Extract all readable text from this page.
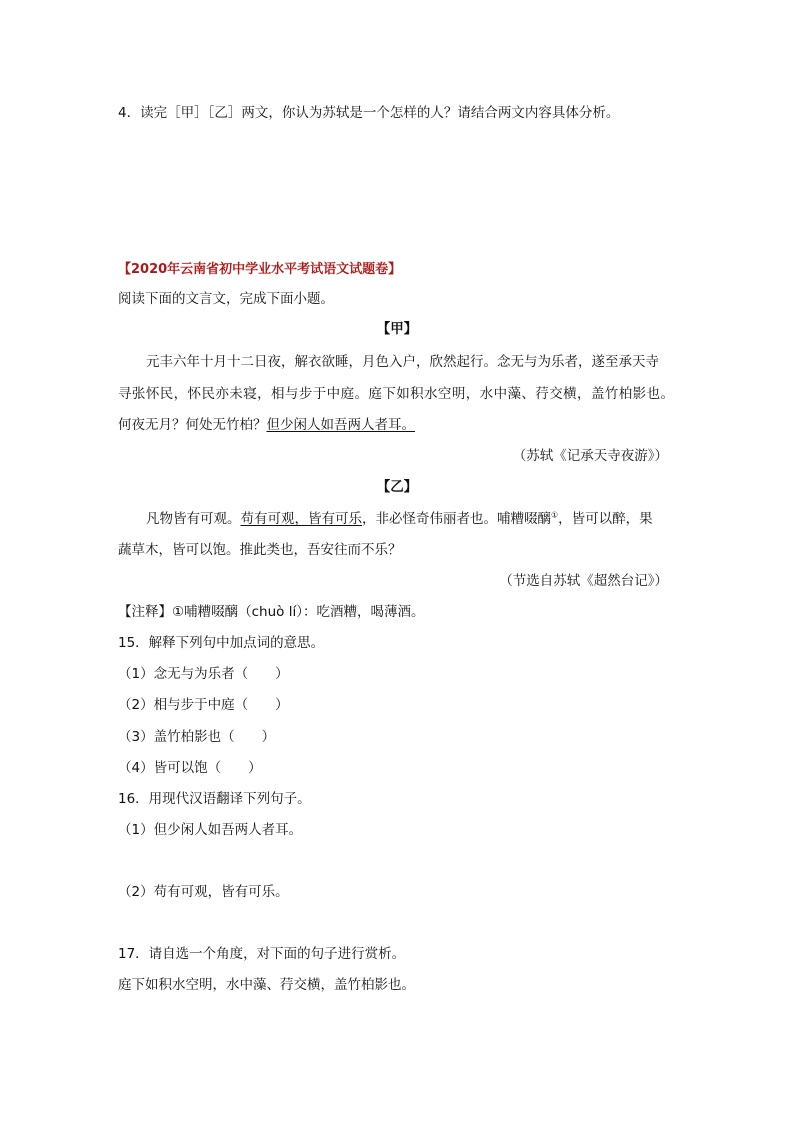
4．读完［甲］［乙］两文，你认为苏轼是一个怎样的人？请结合两文内容具体分析。
【2020年云南省初中学业水平考试语文试题卷】
阅读下面的文言文，完成下面小题。
【甲】
元丰六年十月十二日夜，解衣欲睡，月色入户，欣然起行。念无与为乐者，遂至承天寺
寻张怀民，怀民亦未寝，相与步于中庭。庭下如积水空明，水中藻、荇交横，盖竹柏影也。
何夜无月？何处无竹柏？但少闲人如吾两人者耳。
（苏轼《记承天寺夜游》）
【乙】
凡物皆有可观。苟有可观，皆有可乐，非必怪奇伟丽者也。哺糟啜醨①，皆可以醉，果
蔬草木，皆可以饱。推此类也，吾安往而不乐？
（节选自苏轼《超然台记》）
【注释】①哺糟啜醨（chuò lí）：吃酒糟，喝薄酒。
15．解释下列句中加点词的意思。
（1）念无与为乐者（　　）
（2）相与步于中庭（　　）
（3）盖竹柏影也（　　）
（4）皆可以饱（　　）
16．用现代汉语翻译下列句子。
（1）但少闲人如吾两人者耳。
（2）苟有可观，皆有可乐。
17．请自选一个角度，对下面的句子进行赏析。
庭下如积水空明，水中藻、荇交横，盖竹柏影也。
